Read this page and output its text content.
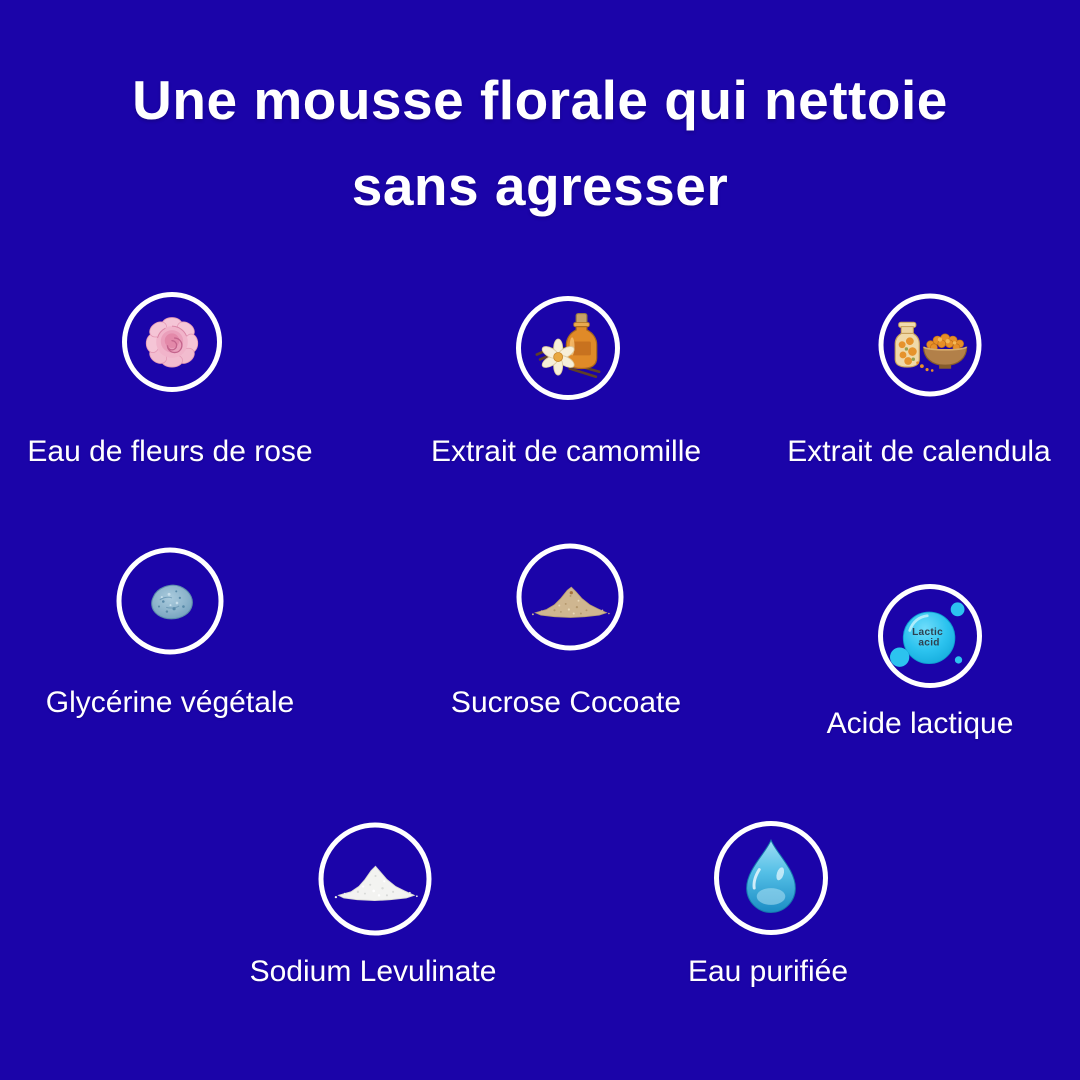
Une mousse florale qui nettoie
sans agresser
Eau de fleurs de rose	Extrait de camomille	Extrait de calendula
Glycérine végétale	Sucrose Cocoate
Lactic acid
Acide lactique
Sodium Levulinate	Eau purifiée
